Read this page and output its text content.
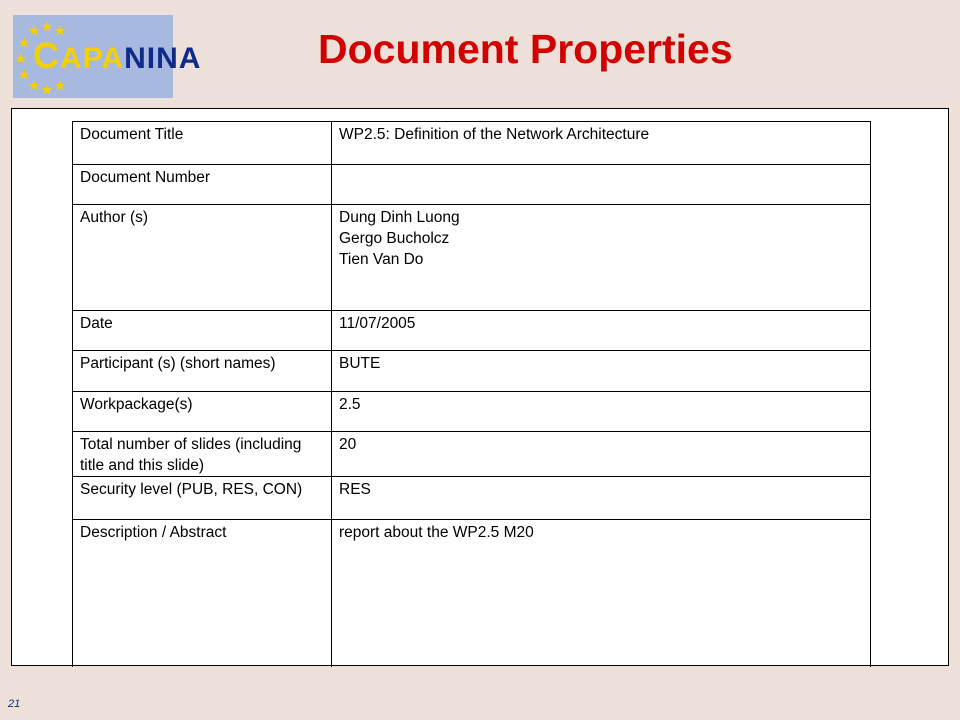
CAPANINA	Document Properties
Document Title	WP2.5: Definition of the Network Architecture

Document Number	
Author (s)	Dung Dinh Luong
Gergo Bucholcz
Tien Van Do

Date	11/07/2005

Participant (s) (short names)	BUTE

Workpackage(s)	2.5

Total number of slides (including title and this slide)	20

Security level (PUB, RES, CON)	RES

Description / Abstract	report about the WP2.5 M20
21
